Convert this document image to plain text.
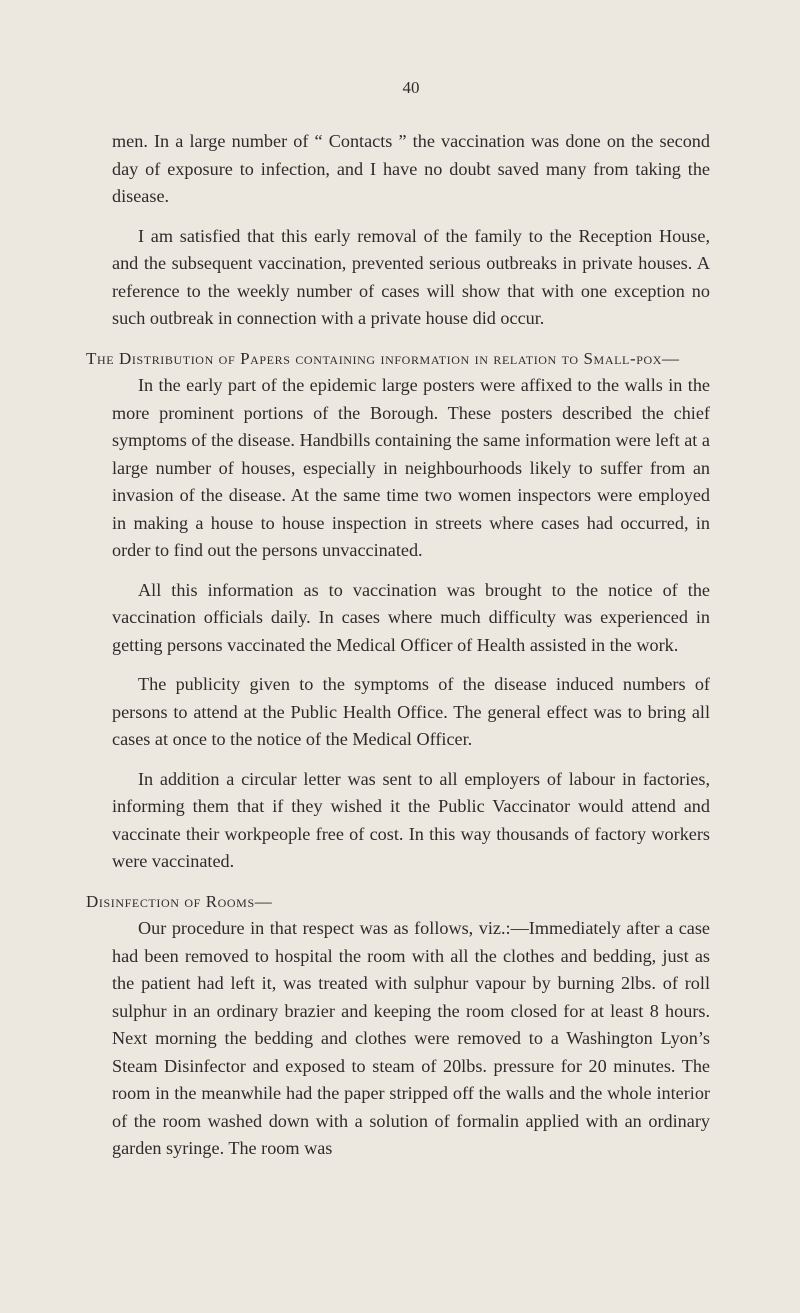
40

men. In a large number of “ Contacts ” the vaccination was done on the second day of exposure to infection, and I have no doubt saved many from taking the disease.

I am satisfied that this early removal of the family to the Reception House, and the subsequent vaccination, prevented serious outbreaks in private houses. A reference to the weekly number of cases will show that with one exception no such outbreak in connection with a private house did occur.

The Distribution of Papers containing information in relation to Small-pox—

In the early part of the epidemic large posters were affixed to the walls in the more prominent portions of the Borough. These posters described the chief symptoms of the disease. Handbills containing the same information were left at a large number of houses, especially in neighbourhoods likely to suffer from an invasion of the disease. At the same time two women inspectors were employed in making a house to house inspection in streets where cases had occurred, in order to find out the persons unvaccinated.

All this information as to vaccination was brought to the notice of the vaccination officials daily. In cases where much difficulty was experienced in getting persons vaccinated the Medical Officer of Health assisted in the work.

The publicity given to the symptoms of the disease induced numbers of persons to attend at the Public Health Office. The general effect was to bring all cases at once to the notice of the Medical Officer.

In addition a circular letter was sent to all employers of labour in factories, informing them that if they wished it the Public Vaccinator would attend and vaccinate their workpeople free of cost. In this way thousands of factory workers were vaccinated.

Disinfection of Rooms—

Our procedure in that respect was as follows, viz.:—Immediately after a case had been removed to hospital the room with all the clothes and bedding, just as the patient had left it, was treated with sulphur vapour by burning 2lbs. of roll sulphur in an ordinary brazier and keeping the room closed for at least 8 hours. Next morning the bedding and clothes were removed to a Washington Lyon’s Steam Disinfector and exposed to steam of 20lbs. pressure for 20 minutes. The room in the meanwhile had the paper stripped off the walls and the whole interior of the room washed down with a solution of formalin applied with an ordinary garden syringe. The room was
